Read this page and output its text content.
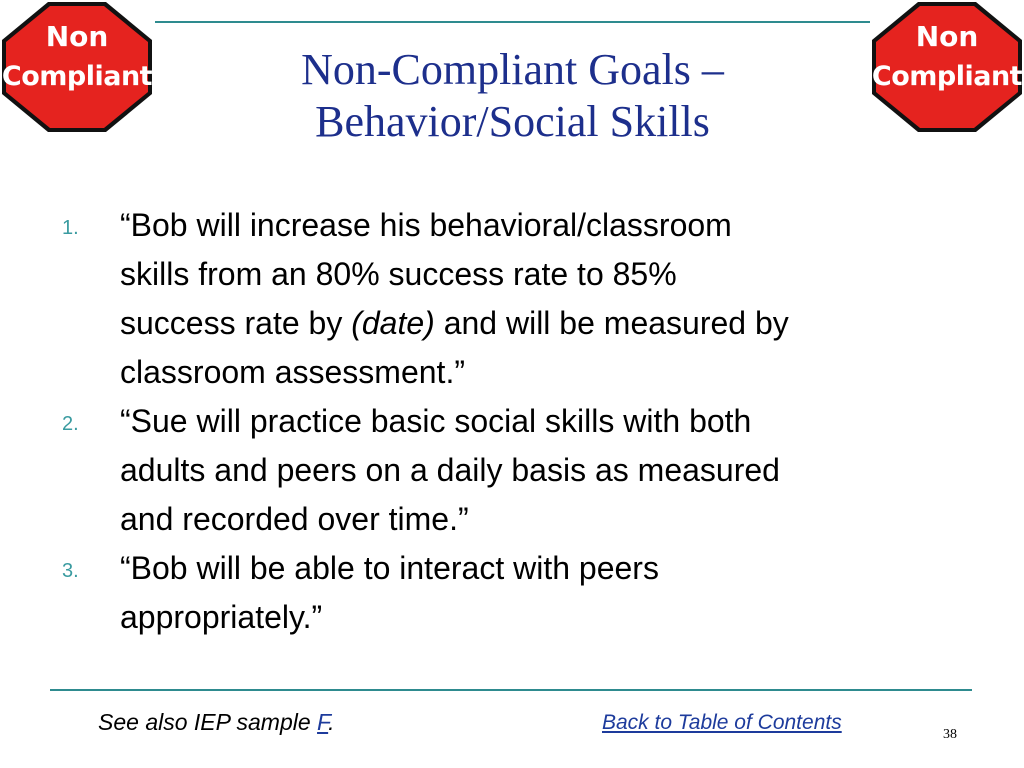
Non
Compliant
Non
Compliant
Non-Compliant Goals –
Behavior/Social Skills
1. “Bob will increase his behavioral/classroom
skills from an 80% success rate to 85%
success rate by (date) and will be measured by
classroom assessment.”
2. “Sue will practice basic social skills with both
adults and peers on a daily basis as measured
and recorded over time.”
3. “Bob will be able to interact with peers
appropriately.”
See also IEP sample F.	Back to Table of Contents
38
